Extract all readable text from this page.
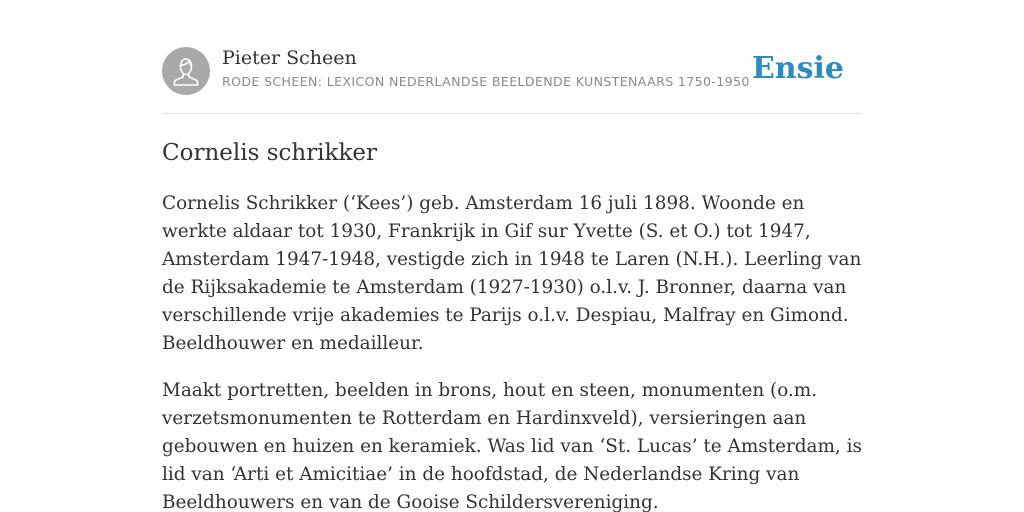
Pieter Scheen
RODE SCHEEN: LEXICON NEDERLANDSE BEELDENDE KUNSTENAARS 1750-1950 Ensie
Cornelis schrikker

Cornelis Schrikker (‘Kees’) geb. Amsterdam 16 juli 1898. Woonde en werkte aldaar tot 1930, Frankrijk in Gif sur Yvette (S. et O.) tot 1947, Amsterdam 1947-1948, vestigde zich in 1948 te Laren (N.H.). Leerling van de Rijksakademie te Amsterdam (1927-1930) o.l.v. J. Bronner, daarna van verschillende vrije akademies te Parijs o.l.v. Despiau, Malfray en Gimond. Beeldhouwer en medailleur.

Maakt portretten, beelden in brons, hout en steen, monumenten (o.m. verzetsmonumenten te Rotterdam en Hardinxveld), versieringen aan gebouwen en huizen en keramiek. Was lid van ‘St. Lucas’ te Amsterdam, is lid van ‘Arti et Amicitiae’ in de hoofdstad, de Nederlandse Kring van Beeldhouwers en van de Gooise Schildersvereniging.
